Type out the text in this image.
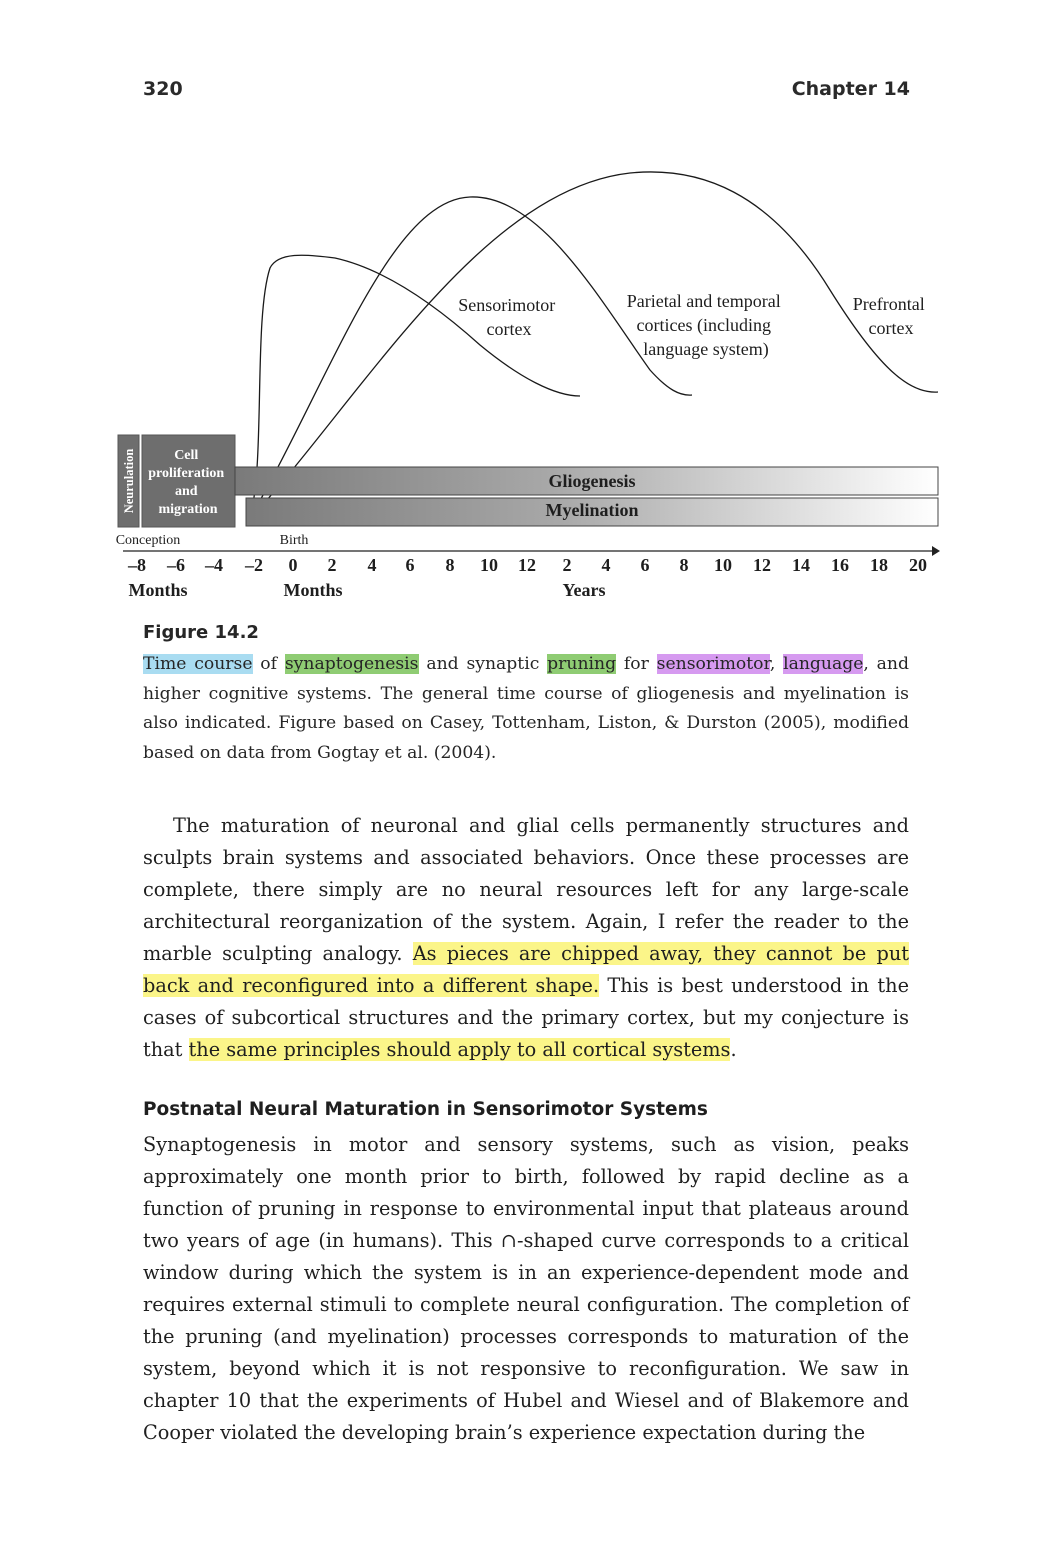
320	Chapter 14
Sensorimotor cortex
Parietal and temporal cortices (including language system)
Prefrontal cortex
Neurulation	Cell proliferation and migration
Gliogenesis
Myelination
Conception	Birth
–8 –6 –4 –2 0 2 4 6 8 10 12 2 4 6 8 10 12 14 16 18 20
Months	Months	Years
Figure 14.2
Time course of synaptogenesis and synaptic pruning for sensorimotor, language, and higher cognitive systems. The general time course of gliogenesis and myelination is also indicated. Figure based on Casey, Tottenham, Liston, & Durston (2005), modified based on data from Gogtay et al. (2004).
The maturation of neuronal and glial cells permanently structures and sculpts brain systems and associated behaviors. Once these processes are complete, there simply are no neural resources left for any large-scale architectural reorganization of the system. Again, I refer the reader to the marble sculpting analogy. As pieces are chipped away, they cannot be put back and reconfigured into a different shape. This is best understood in the cases of subcortical structures and the primary cortex, but my conjecture is that the same principles should apply to all cortical systems.
Postnatal Neural Maturation in Sensorimotor Systems
Synaptogenesis in motor and sensory systems, such as vision, peaks approximately one month prior to birth, followed by rapid decline as a function of pruning in response to environmental input that plateaus around two years of age (in humans). This ∩-shaped curve corresponds to a critical window during which the system is in an experience-dependent mode and requires external stimuli to complete neural configuration. The completion of the pruning (and myelination) processes corresponds to maturation of the system, beyond which it is not responsive to reconfiguration. We saw in chapter 10 that the experiments of Hubel and Wiesel and of Blakemore and Cooper violated the developing brain’s experience expectation during the
